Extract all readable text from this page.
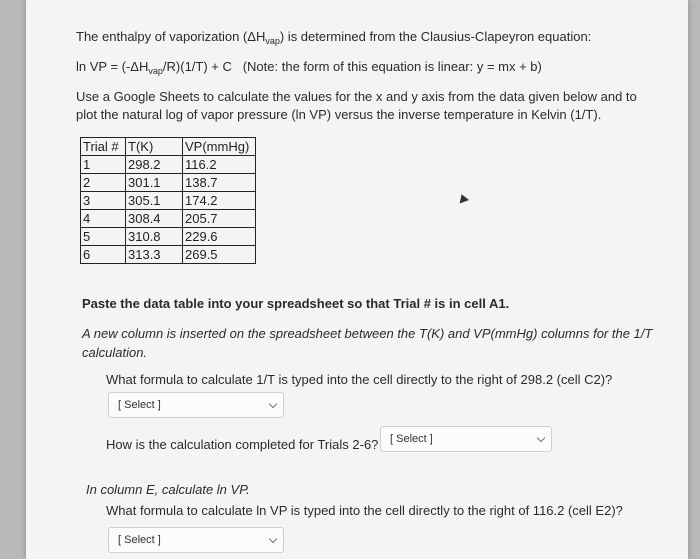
The enthalpy of vaporization $(\Delta H_{vap})$ is determined from the Clausius-Clapeyron equation:
ln VP = $(-\Delta H_{vap}/R)(1/T) + C$   (Note: the form of this equation is linear: y = mx + b)
Use a Google Sheets to calculate the values for the x and y axis from the data given below and to
plot the natural log of vapor pressure (ln VP) versus the inverse temperature in Kelvin (1/T).
Trial #	T(K)	VP(mmHg)
1	298.2	116.2
2	301.1	138.7
3	305.1	174.2
4	308.4	205.7
5	310.8	229.6
6	313.3	269.5
Paste the data table into your spreadsheet so that Trial # is in cell A1.
A new column is inserted on the spreadsheet between the T(K) and VP(mmHg) columns for the 1/T
calculation.
What formula to calculate 1/T is typed into the cell directly to the right of 298.2 (cell C2)?
[ Select ]
How is the calculation completed for Trials 2-6?	[ Select ]
In column E, calculate ln VP.
What formula to calculate ln VP is typed into the cell directly to the right of 116.2 (cell E2)?
[ Select ]
